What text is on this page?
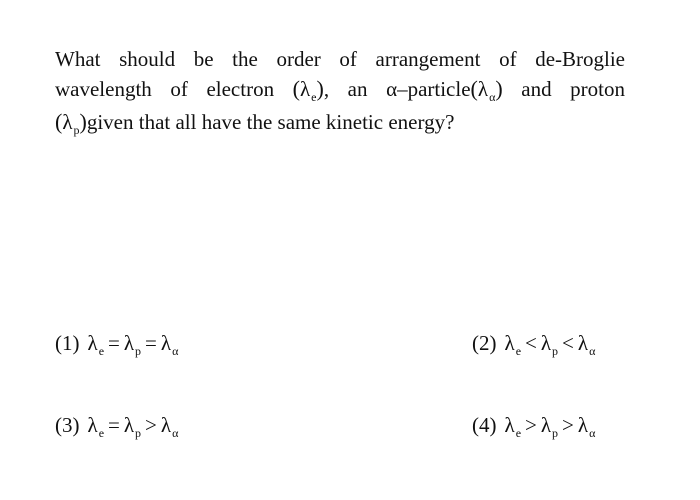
What should be the order of arrangement of de-Broglie
wavelength of electron $(\lambda_e)$, an $\alpha-particle(\lambda_\alpha)$ and proton
$(\lambda_p)given$ that all have the same kinetic energy?
(1) $\lambda_e = \lambda_p = \lambda_\alpha$	(2) $\lambda_e < \lambda_p < \lambda_\alpha$
(3) $\lambda_e = \lambda_p > \lambda_\alpha$	(4) $\lambda_e > \lambda_p > \lambda_\alpha$
